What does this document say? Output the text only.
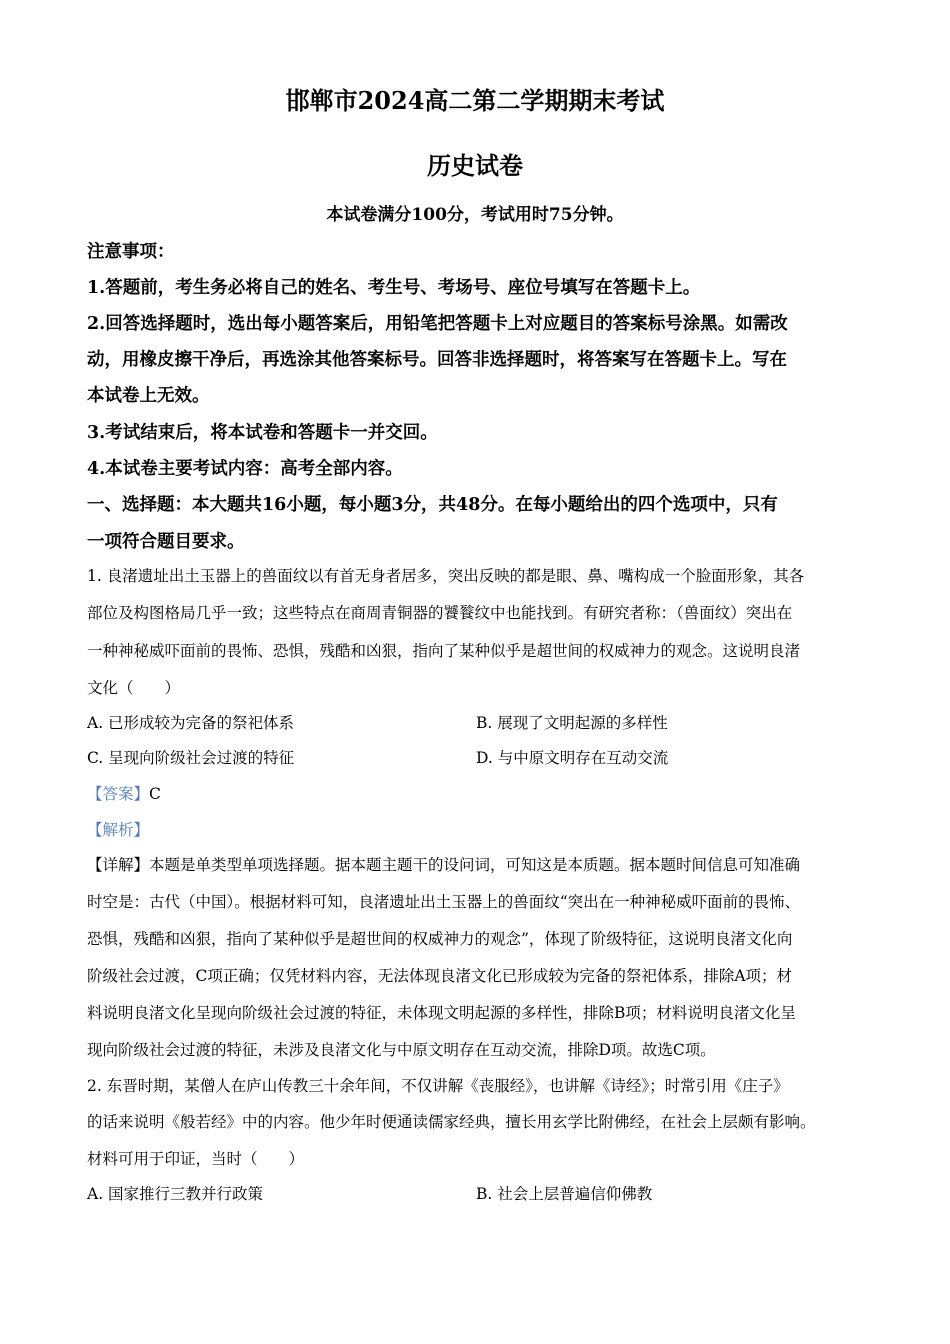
邯郸市2024高二第二学期期末考试
历史试卷
本试卷满分100分，考试用时75分钟。
注意事项：
1.答题前，考生务必将自己的姓名、考生号、考场号、座位号填写在答题卡上。
2.回答选择题时，选出每小题答案后，用铅笔把答题卡上对应题目的答案标号涂黑。如需改
动，用橡皮擦干净后，再选涂其他答案标号。回答非选择题时，将答案写在答题卡上。写在
本试卷上无效。
3.考试结束后，将本试卷和答题卡一并交回。
4.本试卷主要考试内容：高考全部内容。
一、选择题：本大题共16小题，每小题3分，共48分。在每小题给出的四个选项中，只有
一项符合题目要求。
1. 良渚遗址出土玉器上的兽面纹以有首无身者居多，突出反映的都是眼、鼻、嘴构成一个脸面形象，其各
部位及构图格局几乎一致；这些特点在商周青铜器的饕餮纹中也能找到。有研究者称：（兽面纹）突出在
一种神秘威吓面前的畏怖、恐惧，残酷和凶狠，指向了某种似乎是超世间的权威神力的观念。这说明良渚
文化（　　）
A. 已形成较为完备的祭祀体系	B. 展现了文明起源的多样性
C. 呈现向阶级社会过渡的特征	D. 与中原文明存在互动交流
【答案】C
【解析】
【详解】本题是单类型单项选择题。据本题主题干的设问词，可知这是本质题。据本题时间信息可知准确
时空是：古代（中国）。根据材料可知，良渚遗址出土玉器上的兽面纹“突出在一种神秘威吓面前的畏怖、
恐惧，残酷和凶狠，指向了某种似乎是超世间的权威神力的观念”，体现了阶级特征，这说明良渚文化向
阶级社会过渡，C项正确；仅凭材料内容，无法体现良渚文化已形成较为完备的祭祀体系，排除A项；材
料说明良渚文化呈现向阶级社会过渡的特征，未体现文明起源的多样性，排除B项；材料说明良渚文化呈
现向阶级社会过渡的特征，未涉及良渚文化与中原文明存在互动交流，排除D项。故选C项。
2. 东晋时期，某僧人在庐山传教三十余年间，不仅讲解《丧服经》，也讲解《诗经》；时常引用《庄子》
的话来说明《般若经》中的内容。他少年时便通读儒家经典，擅长用玄学比附佛经，在社会上层颇有影响。
材料可用于印证，当时（　　）
A. 国家推行三教并行政策	B. 社会上层普遍信仰佛教
